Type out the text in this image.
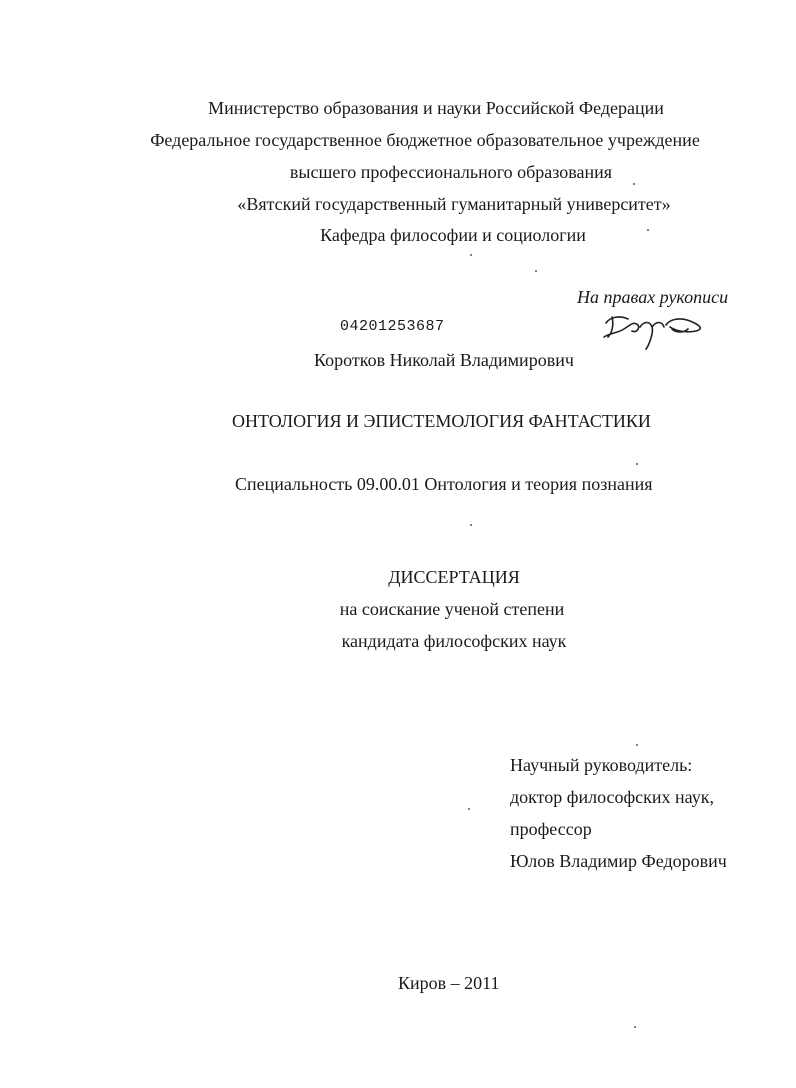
Министерство образования и науки Российской Федерации
Федеральное государственное бюджетное образовательное учреждение
высшего профессионального образования
«Вятский государственный гуманитарный университет»
Кафедра философии и социологии
На правах рукописи
04201253687
Коротков Николай Владимирович
ОНТОЛОГИЯ И ЭПИСТЕМОЛОГИЯ ФАНТАСТИКИ
Специальность 09.00.01 Онтология и теория познания
ДИССЕРТАЦИЯ
на соискание ученой степени
кандидата философских наук
Научный руководитель:
доктор философских наук,
профессор
Юлов Владимир Федорович
Киров – 2011
